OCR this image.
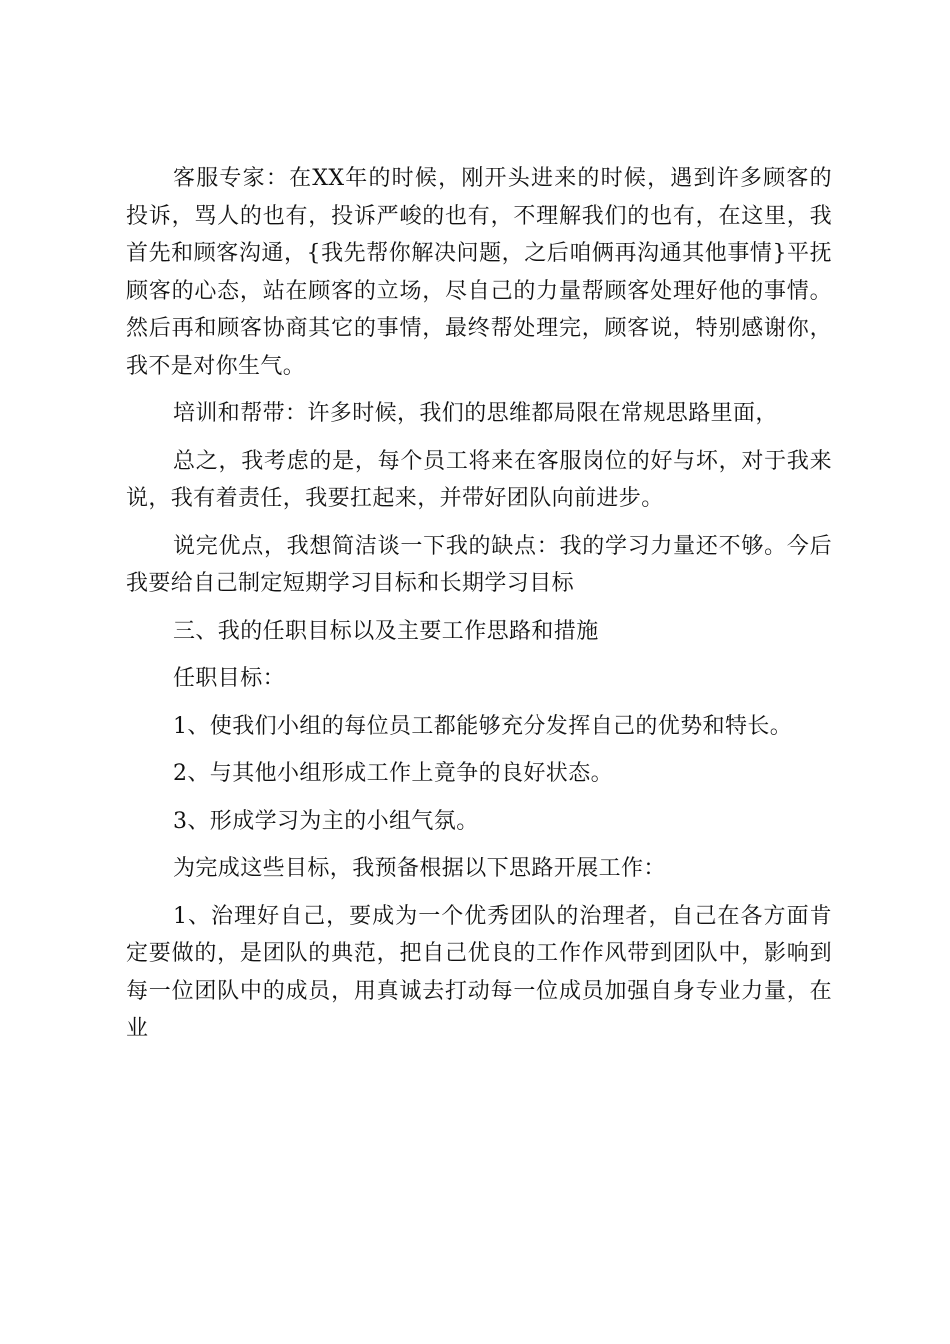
客服专家：在XX年的时候，刚开头进来的时候，遇到许多顾客的投诉，骂人的也有，投诉严峻的也有，不理解我们的也有，在这里，我首先和顾客沟通，{我先帮你解决问题，之后咱俩再沟通其他事情}平抚顾客的心态，站在顾客的立场，尽自己的力量帮顾客处理好他的事情。然后再和顾客协商其它的事情，最终帮处理完，顾客说，特别感谢你，我不是对你生气。

培训和帮带：许多时候，我们的思维都局限在常规思路里面，

总之，我考虑的是，每个员工将来在客服岗位的好与坏，对于我来说，我有着责任，我要扛起来，并带好团队向前进步。

说完优点，我想简洁谈一下我的缺点：我的学习力量还不够。今后我要给自己制定短期学习目标和长期学习目标

三、我的任职目标以及主要工作思路和措施

任职目标：

1、使我们小组的每位员工都能够充分发挥自己的优势和特长。

2、与其他小组形成工作上竟争的良好状态。

3、形成学习为主的小组气氛。

为完成这些目标，我预备根据以下思路开展工作：

1、治理好自己，要成为一个优秀团队的治理者，自己在各方面肯定要做的，是团队的典范，把自己优良的工作作风带到团队中，影响到每一位团队中的成员，用真诚去打动每一位成员加强自身专业力量，在业
